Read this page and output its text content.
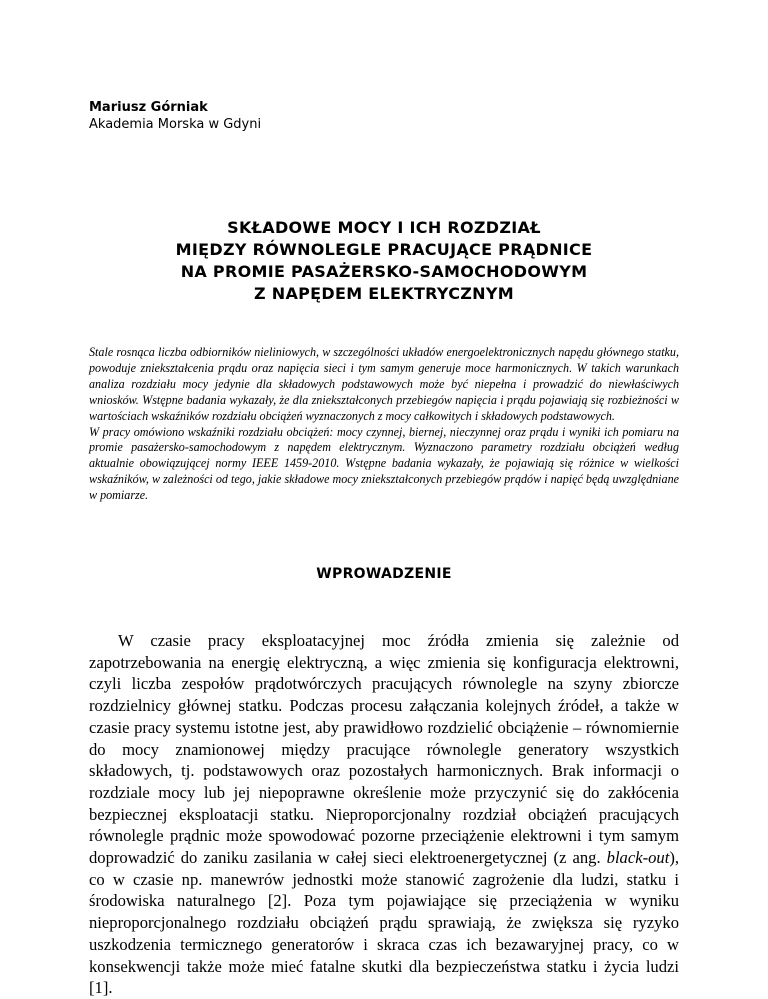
Mariusz Górniak
Akademia Morska w Gdyni
SKŁADOWE MOCY I ICH ROZDZIAŁ
MIĘDZY RÓWNOLEGLE PRACUJĄCE PRĄDNICE
NA PROMIE PASAŻERSKO-SAMOCHODOWYM
Z NAPĘDEM ELEKTRYCZNYM

Stale rosnąca liczba odbiorników nieliniowych, w szczególności układów energoelektronicznych napędu głównego statku, powoduje zniekształcenia prądu oraz napięcia sieci i tym samym generuje moce harmonicznych. W takich warunkach analiza rozdziału mocy jedynie dla składowych podstawowych może być niepełna i prowadzić do niewłaściwych wniosków. Wstępne badania wykazały, że dla zniekształconych przebiegów napięcia i prądu pojawiają się rozbieżności w wartościach wskaźników rozdziału obciążeń wyznaczonych z mocy całkowitych i składowych podstawowych.

W pracy omówiono wskaźniki rozdziału obciążeń: mocy czynnej, biernej, nieczynnej oraz prądu i wyniki ich pomiaru na promie pasażersko-samochodowym z napędem elektrycznym. Wyznaczono parametry rozdziału obciążeń według aktualnie obowiązującej normy IEEE 1459-2010. Wstępne badania wykazały, że pojawiają się różnice w wielkości wskaźników, w zależności od tego, jakie składowe mocy zniekształconych przebiegów prądów i napięć będą uwzględniane w pomiarze.

WPROWADZENIE

W czasie pracy eksploatacyjnej moc źródła zmienia się zależnie od zapotrzebowania na energię elektryczną, a więc zmienia się konfiguracja elektrowni, czyli liczba zespołów prądotwórczych pracujących równolegle na szyny zbiorcze rozdzielnicy głównej statku. Podczas procesu załączania kolejnych źródeł, a także w czasie pracy systemu istotne jest, aby prawidłowo rozdzielić obciążenie – równomiernie do mocy znamionowej między pracujące równolegle generatory wszystkich składowych, tj. podstawowych oraz pozostałych harmonicznych. Brak informacji o rozdziale mocy lub jej niepoprawne określenie może przyczynić się do zakłócenia bezpiecznej eksploatacji statku. Nieproporcjonalny rozdział obciążeń pracujących równolegle prądnic może spowodować pozorne przeciążenie elektrowni i tym samym doprowadzić do zaniku zasilania w całej sieci elektroenergetycznej (z ang. black-out), co w czasie np. manewrów jednostki może stanowić zagrożenie dla ludzi, statku i środowiska naturalnego [2]. Poza tym pojawiające się przeciążenia w wyniku nieproporcjonalnego rozdziału obciążeń prądu sprawiają, że zwiększa się ryzyko uszkodzenia termicznego generatorów i skraca czas ich bezawaryjnej pracy, co w konsekwencji także może mieć fatalne skutki dla bezpieczeństwa statku i życia ludzi [1].
